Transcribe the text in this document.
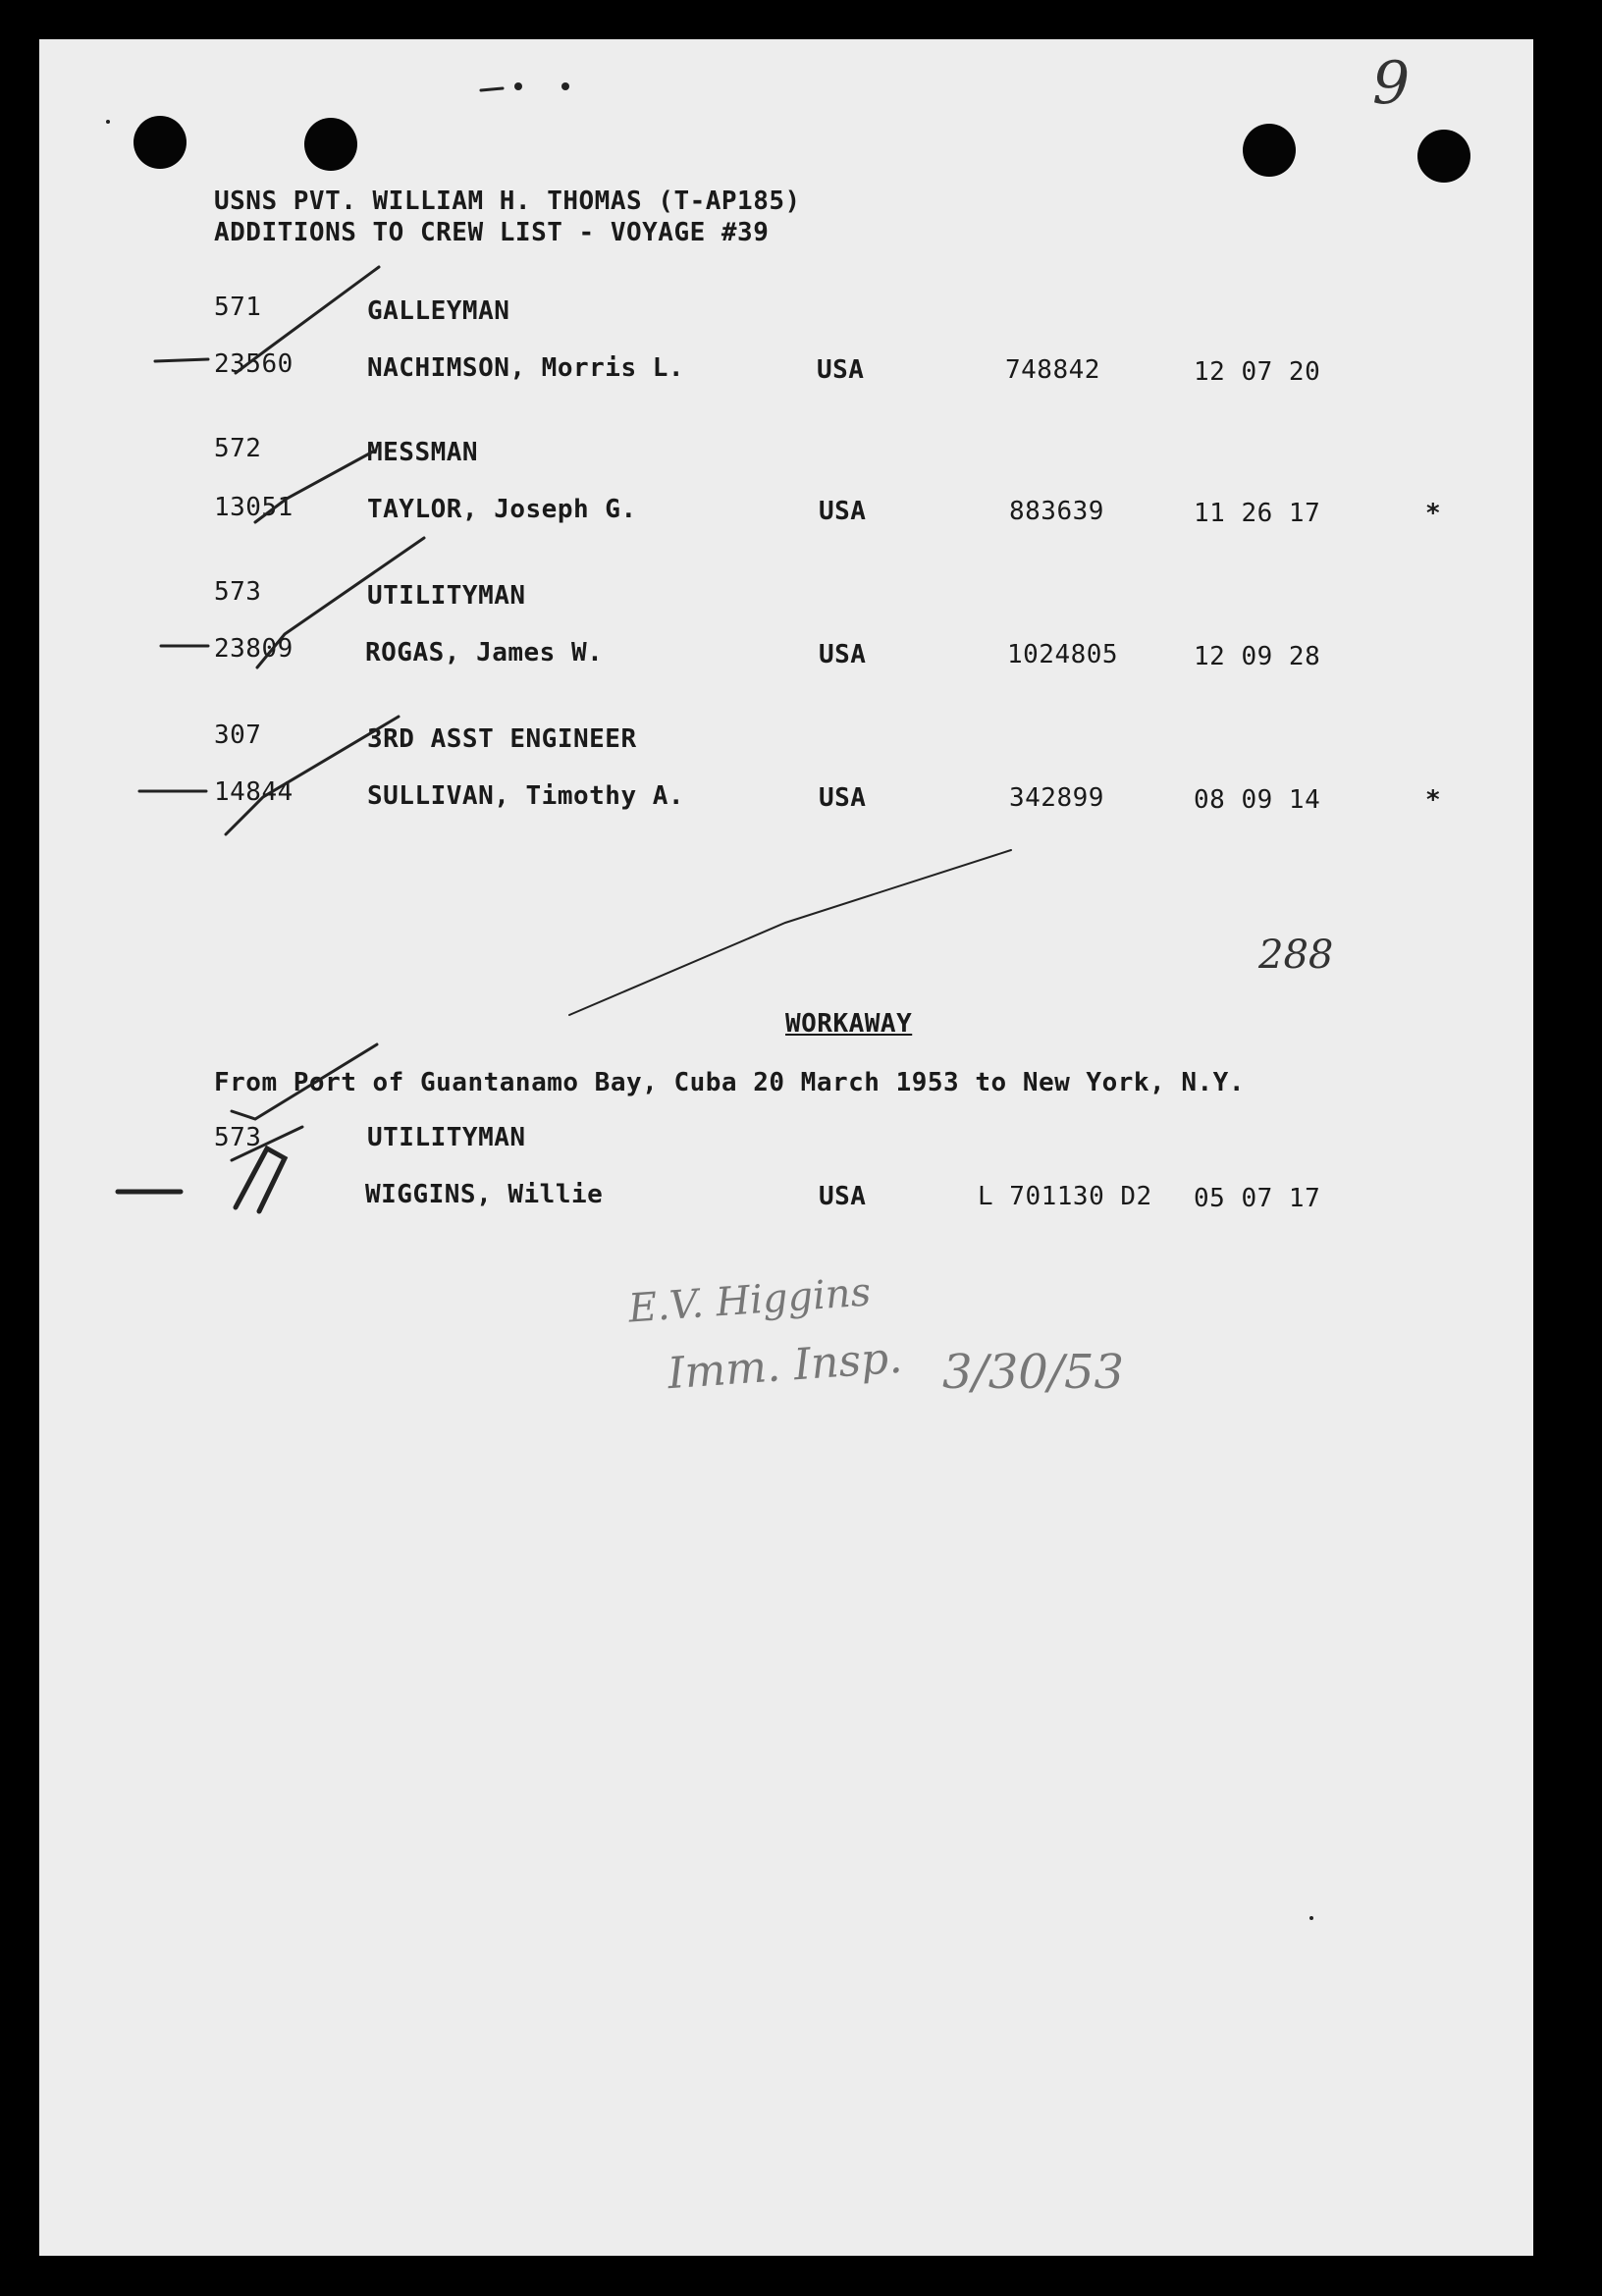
9
USNS PVT. WILLIAM H. THOMAS (T-AP185)
ADDITIONS TO CREW LIST - VOYAGE #39
571	GALLEYMAN
23560	NACHIMSON, Morris L.	USA	748842	12 07 20
572	MESSMAN
13051	TAYLOR, Joseph G.	USA	883639	11 26 17	*
573	UTILITYMAN
23809	ROGAS, James W.	USA	1024805	12 09 28
307	3RD ASST ENGINEER
14844	SULLIVAN, Timothy A.	USA	342899	08 09 14	*
288
WORKAWAY
From Port of Guantanamo Bay, Cuba 20 March 1953 to New York, N.Y.
573	UTILITYMAN
WIGGINS, Willie	USA	L 701130 D2 05 07 17
E.V. Higgins
Imm. Insp. 3/30/53
